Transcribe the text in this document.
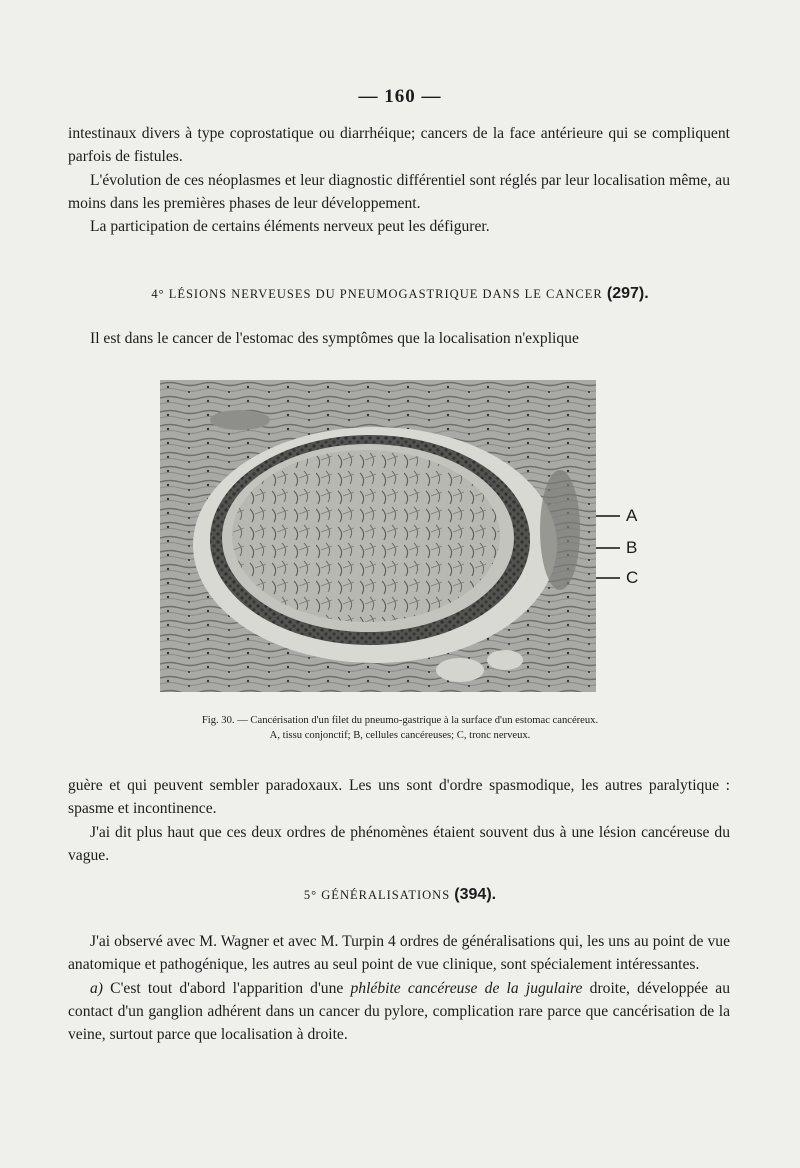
— 160 —

intestinaux divers à type coprostatique ou diarrhéique; cancers de la face antérieure qui se compliquent parfois de fistules.

L'évolution de ces néoplasmes et leur diagnostic différentiel sont réglés par leur localisation même, au moins dans les premières phases de leur développement.

La participation de certains éléments nerveux peut les défigurer.

4° LÉSIONS NERVEUSES DU PNEUMOGASTRIQUE DANS LE CANCER (297).

Il est dans le cancer de l'estomac des symptômes que la localisation n'explique

A
B
C

Fig. 30. — Cancérisation d'un filet du pneumo-gastrique à la surface d'un estomac cancéreux.

A, tissu conjonctif; B, cellules cancéreuses; C, tronc nerveux.

guère et qui peuvent sembler paradoxaux. Les uns sont d'ordre spasmodique, les autres paralytique : spasme et incontinence.

J'ai dit plus haut que ces deux ordres de phénomènes étaient souvent dus à une lésion cancéreuse du vague.

5° GÉNÉRALISATIONS (394).

J'ai observé avec M. Wagner et avec M. Turpin 4 ordres de généralisations qui, les uns au point de vue anatomique et pathogénique, les autres au seul point de vue clinique, sont spécialement intéressantes.

a) C'est tout d'abord l'apparition d'une phlébite cancéreuse de la jugulaire droite, développée au contact d'un ganglion adhérent dans un cancer du pylore, complication rare parce que cancérisation de la veine, surtout parce que localisation à droite.
